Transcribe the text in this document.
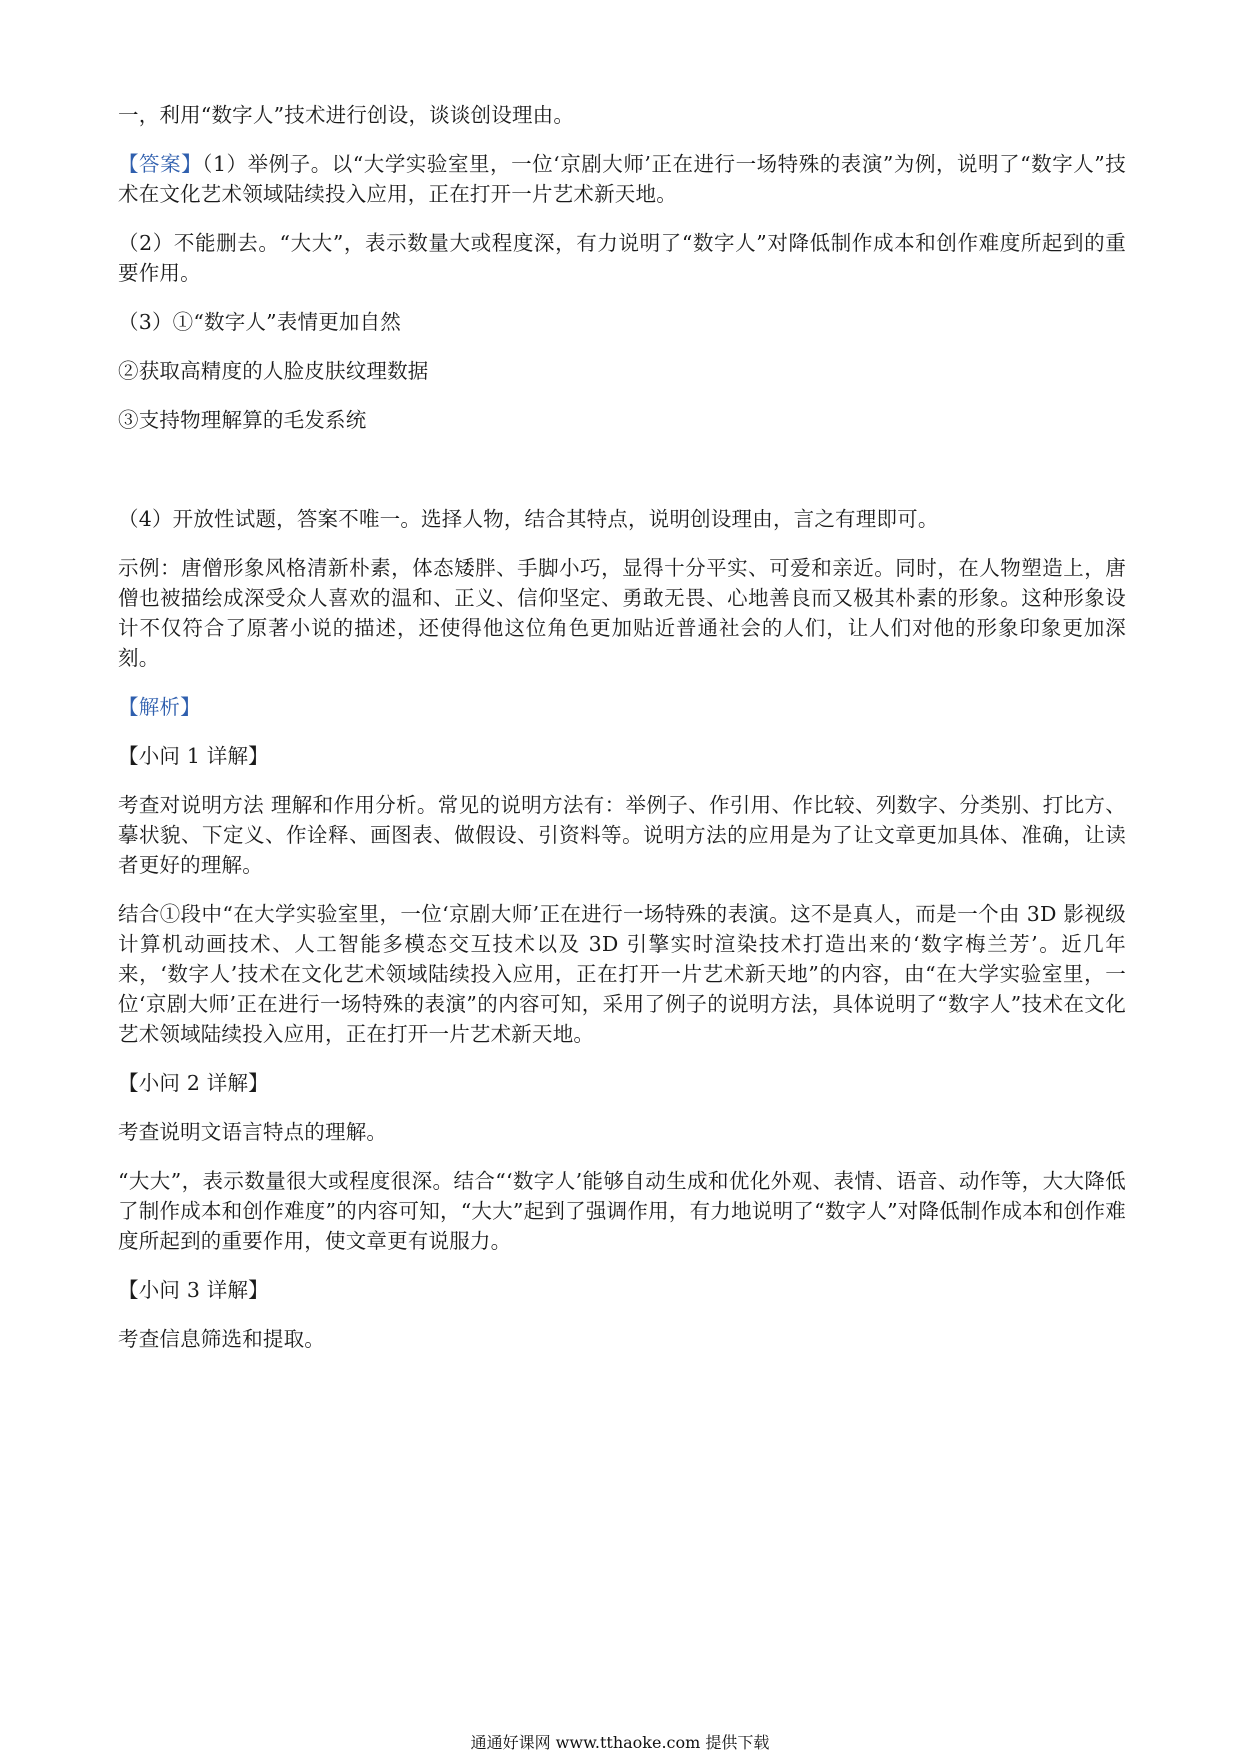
一，利用“数字人”技术进行创设，谈谈创设理由。
【答案】（1）举例子。以“大学实验室里，一位‘京剧大师’正在进行一场特殊的表演”为例，说明了“数字人”技术在文化艺术领域陆续投入应用，正在打开一片艺术新天地。
（2）不能删去。“大大”，表示数量大或程度深，有力说明了“数字人”对降低制作成本和创作难度所起到的重要作用。
（3）①“数字人”表情更加自然
②获取高精度的人脸皮肤纹理数据
③支持物理解算的毛发系统
（4）开放性试题，答案不唯一。选择人物，结合其特点，说明创设理由，言之有理即可。
示例：唐僧形象风格清新朴素，体态矮胖、手脚小巧，显得十分平实、可爱和亲近。同时，在人物塑造上，唐僧也被描绘成深受众人喜欢的温和、正义、信仰坚定、勇敢无畏、心地善良而又极其朴素的形象。这种形象设计不仅符合了原著小说的描述，还使得他这位角色更加贴近普通社会的人们，让人们对他的形象印象更加深刻。
【解析】
【小问 1 详解】
考查对说明方法 理解和作用分析。常见的说明方法有：举例子、作引用、作比较、列数字、分类别、打比方、摹状貌、下定义、作诠释、画图表、做假设、引资料等。说明方法的应用是为了让文章更加具体、准确，让读者更好的理解。
结合①段中“在大学实验室里，一位‘京剧大师’正在进行一场特殊的表演。这不是真人，而是一个由 3D 影视级计算机动画技术、人工智能多模态交互技术以及 3D 引擎实时渲染技术打造出来的‘数字梅兰芳’。近几年来，‘数字人’技术在文化艺术领域陆续投入应用，正在打开一片艺术新天地”的内容，由“在大学实验室里，一位‘京剧大师’正在进行一场特殊的表演”的内容可知，采用了例子的说明方法，具体说明了“数字人”技术在文化艺术领域陆续投入应用，正在打开一片艺术新天地。
【小问 2 详解】
考查说明文语言特点的理解。
“大大”，表示数量很大或程度很深。结合“‘数字人’能够自动生成和优化外观、表情、语音、动作等，大大降低了制作成本和创作难度”的内容可知，“大大”起到了强调作用，有力地说明了“数字人”对降低制作成本和创作难度所起到的重要作用，使文章更有说服力。
【小问 3 详解】
考查信息筛选和提取。
通通好课网 www.tthaoke.com 提供下载
